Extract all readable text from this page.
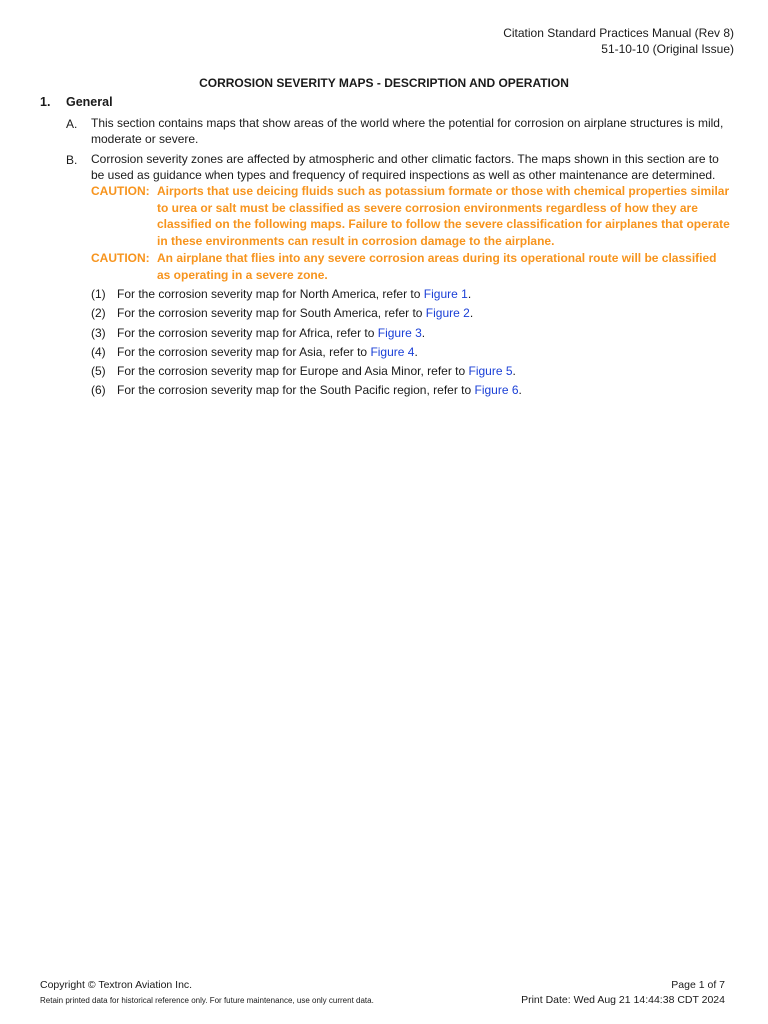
Citation Standard Practices Manual (Rev 8)
51-10-10 (Original Issue)
CORROSION SEVERITY MAPS - DESCRIPTION AND OPERATION
1. General
A. This section contains maps that show areas of the world where the potential for corrosion on airplane structures is mild, moderate or severe.
B. Corrosion severity zones are affected by atmospheric and other climatic factors. The maps shown in this section are to be used as guidance when types and frequency of required inspections as well as other maintenance are determined.
CAUTION: Airports that use deicing fluids such as potassium formate or those with chemical properties similar to urea or salt must be classified as severe corrosion environments regardless of how they are classified on the following maps. Failure to follow the severe classification for airplanes that operate in these environments can result in corrosion damage to the airplane.
CAUTION: An airplane that flies into any severe corrosion areas during its operational route will be classified as operating in a severe zone.
(1) For the corrosion severity map for North America, refer to Figure 1.
(2) For the corrosion severity map for South America, refer to Figure 2.
(3) For the corrosion severity map for Africa, refer to Figure 3.
(4) For the corrosion severity map for Asia, refer to Figure 4.
(5) For the corrosion severity map for Europe and Asia Minor, refer to Figure 5.
(6) For the corrosion severity map for the South Pacific region, refer to Figure 6.
Copyright © Textron Aviation Inc.
Retain printed data for historical reference only. For future maintenance, use only current data.
Page 1 of 7
Print Date: Wed Aug 21 14:44:38 CDT 2024
